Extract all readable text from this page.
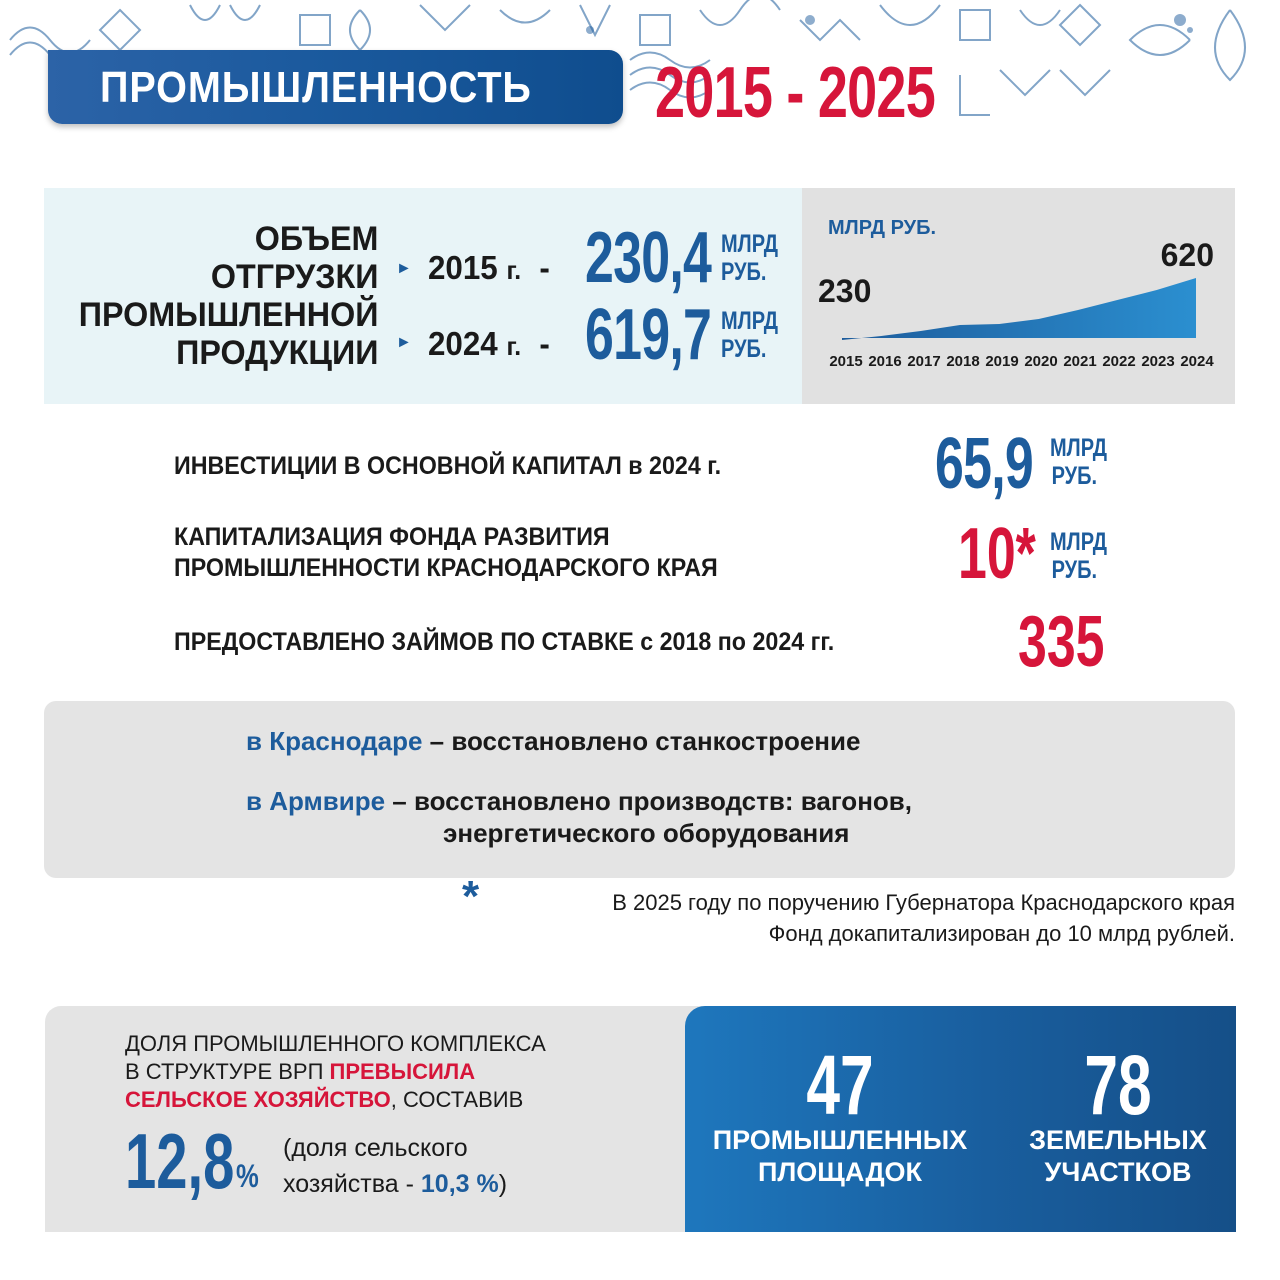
ПРОМЫШЛЕННОСТЬ 2015 - 2025
ОБЪЕМ
ОТГРУЗКИ
ПРОМЫШЛЕННОЙ
ПРОДУКЦИИ
► 2015 г. - 230,4 МЛРД
РУБ.
► 2024 г. - 619,7 МЛРД
РУБ.
МЛРД РУБ.
2015 2016 2017 2018 2019 2020 2021 2022 2023 2024
230
620
ИНВЕСТИЦИИ В ОСНОВНОЙ КАПИТАЛ в 2024 г.	65,9 МЛРД
РУБ.
КАПИТАЛИЗАЦИЯ ФОНДА РАЗВИТИЯ
ПРОМЫШЛЕННОСТИ КРАСНОДАРСКОГО КРАЯ	10* МЛРД
РУБ.
ПРЕДОСТАВЛЕНО ЗАЙМОВ ПО СТАВКЕ с 2018 по 2024 гг.	335
в Краснодаре – восстановлено станкостроение
в Армвире – восстановлено производств: вагонов,
энергетического оборудования
*	В 2025 году по поручению Губернатора Краснодарского края
Фонд докапитализирован до 10 млрд рублей.
ДОЛЯ ПРОМЫШЛЕННОГО КОМПЛЕКСА
В СТРУКТУРЕ ВРП ПРЕВЫСИЛА
СЕЛЬСКОЕ ХОЗЯЙСТВО, СОСТАВИВ
12,8 %
(доля сельского
хозяйства - 10,3 %)
47
ПРОМЫШЛЕННЫХ
ПЛОЩАДОК
78
ЗЕМЕЛЬНЫХ
УЧАСТКОВ
